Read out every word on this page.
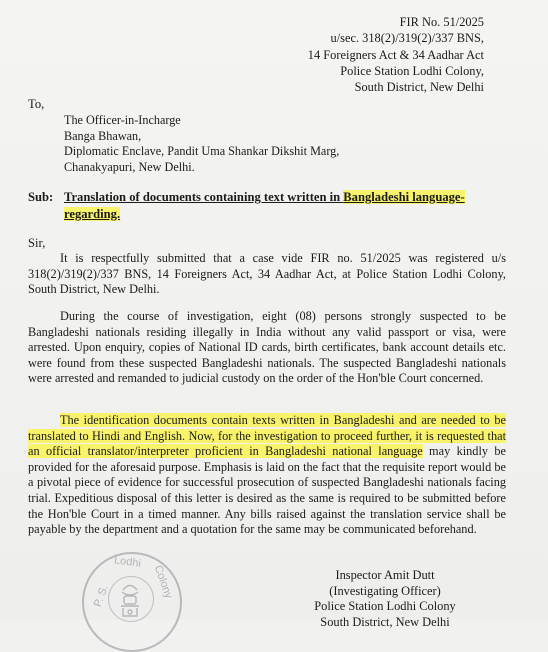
FIR No. 51/2025
u/sec. 318(2)/319(2)/337 BNS,
14 Foreigners Act & 34 Aadhar Act
Police Station Lodhi Colony,
South District, New Delhi
To,
The Officer-in-Incharge
Banga Bhawan,
Diplomatic Enclave, Pandit Uma Shankar Dikshit Marg,
Chanakyapuri, New Delhi.
Sub: Translation of documents containing text written in Bangladeshi language-regarding.
Sir,

It is respectfully submitted that a case vide FIR no. 51/2025 was registered u/s 318(2)/319(2)/337 BNS, 14 Foreigners Act, 34 Aadhar Act, at Police Station Lodhi Colony, South District, New Delhi.

During the course of investigation, eight (08) persons strongly suspected to be Bangladeshi nationals residing illegally in India without any valid passport or visa, were arrested. Upon enquiry, copies of National ID cards, birth certificates, bank account details etc. were found from these suspected Bangladeshi nationals. The suspected Bangladeshi nationals were arrested and remanded to judicial custody on the order of the Hon'ble Court concerned.

The identification documents contain texts written in Bangladeshi and are needed to be translated to Hindi and English. Now, for the investigation to proceed further, it is requested that an official translator/interpreter proficient in Bangladeshi national language may kindly be provided for the aforesaid purpose. Emphasis is laid on the fact that the requisite report would be a pivotal piece of evidence for successful prosecution of suspected Bangladeshi nationals facing trial. Expeditious disposal of this letter is desired as the same is required to be submitted before the Hon'ble Court in a timed manner. Any bills raised against the translation service shall be payable by the department and a quotation for the same may be communicated beforehand.

P. S.
Lodhi
Colony	Inspector Amit Dutt
(Investigating Officer)
Police Station Lodhi Colony
South District, New Delhi
